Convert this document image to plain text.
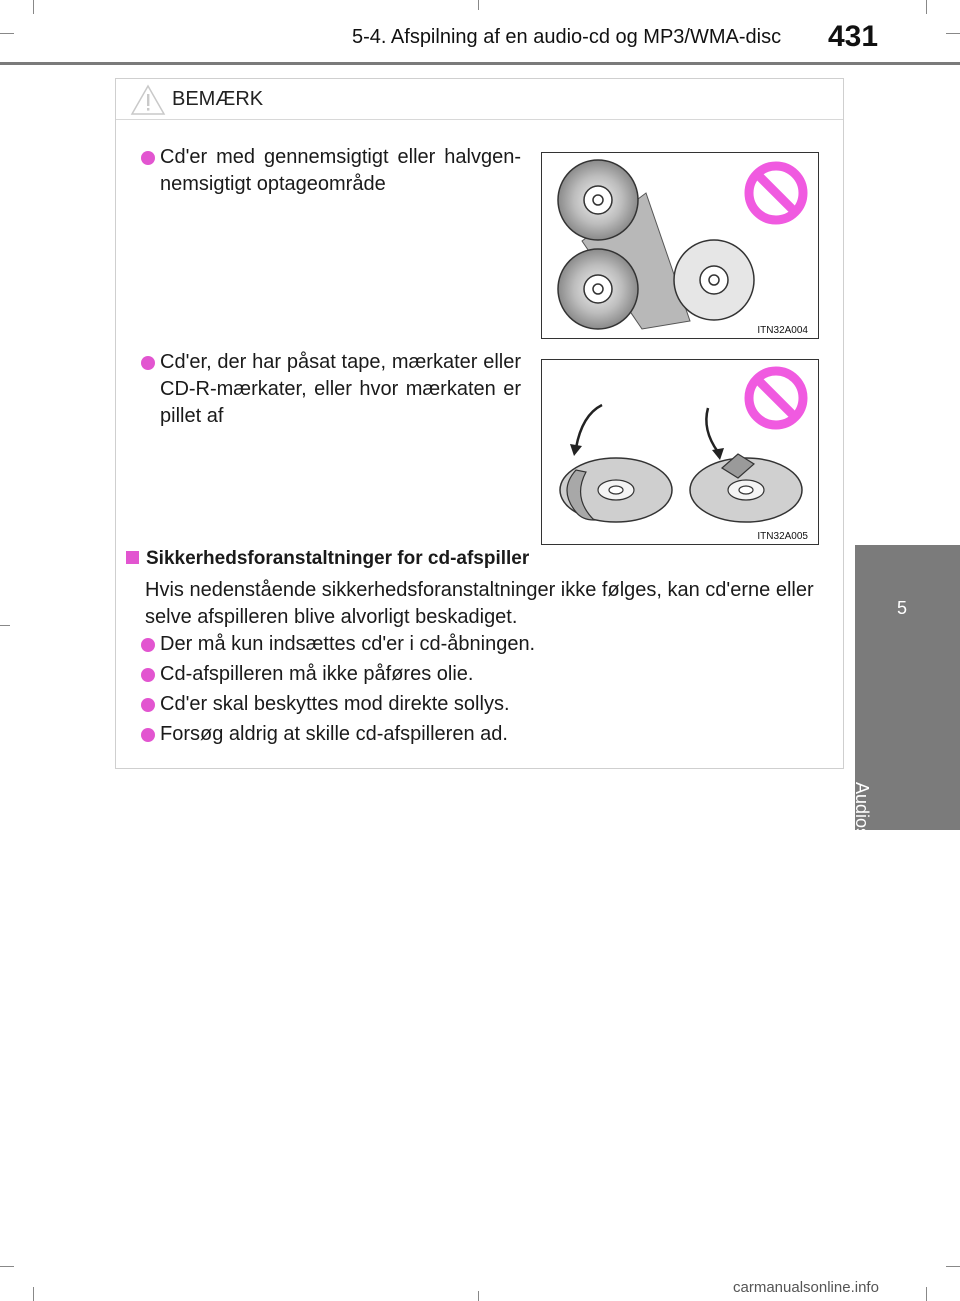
5-4. Afspilning af en audio-cd og MP3/WMA-disc 431
5
Audiosystem
BEMÆRK
Cd'er med gennemsigtigt eller halvgen-nemsigtigt optageområde
ITN32A004
Cd'er, der har påsat tape, mærkater eller CD-R-mærkater, eller hvor mærkaten er pillet af
ITN32A005
Sikkerhedsforanstaltninger for cd-afspiller
Hvis nedenstående sikkerhedsforanstaltninger ikke følges, kan cd'erne eller selve afspilleren blive alvorligt beskadiget.
Der må kun indsættes cd'er i cd-åbningen.
Cd-afspilleren må ikke påføres olie.
Cd'er skal beskyttes mod direkte sollys.
Forsøg aldrig at skille cd-afspilleren ad.
carmanualsonline.info
